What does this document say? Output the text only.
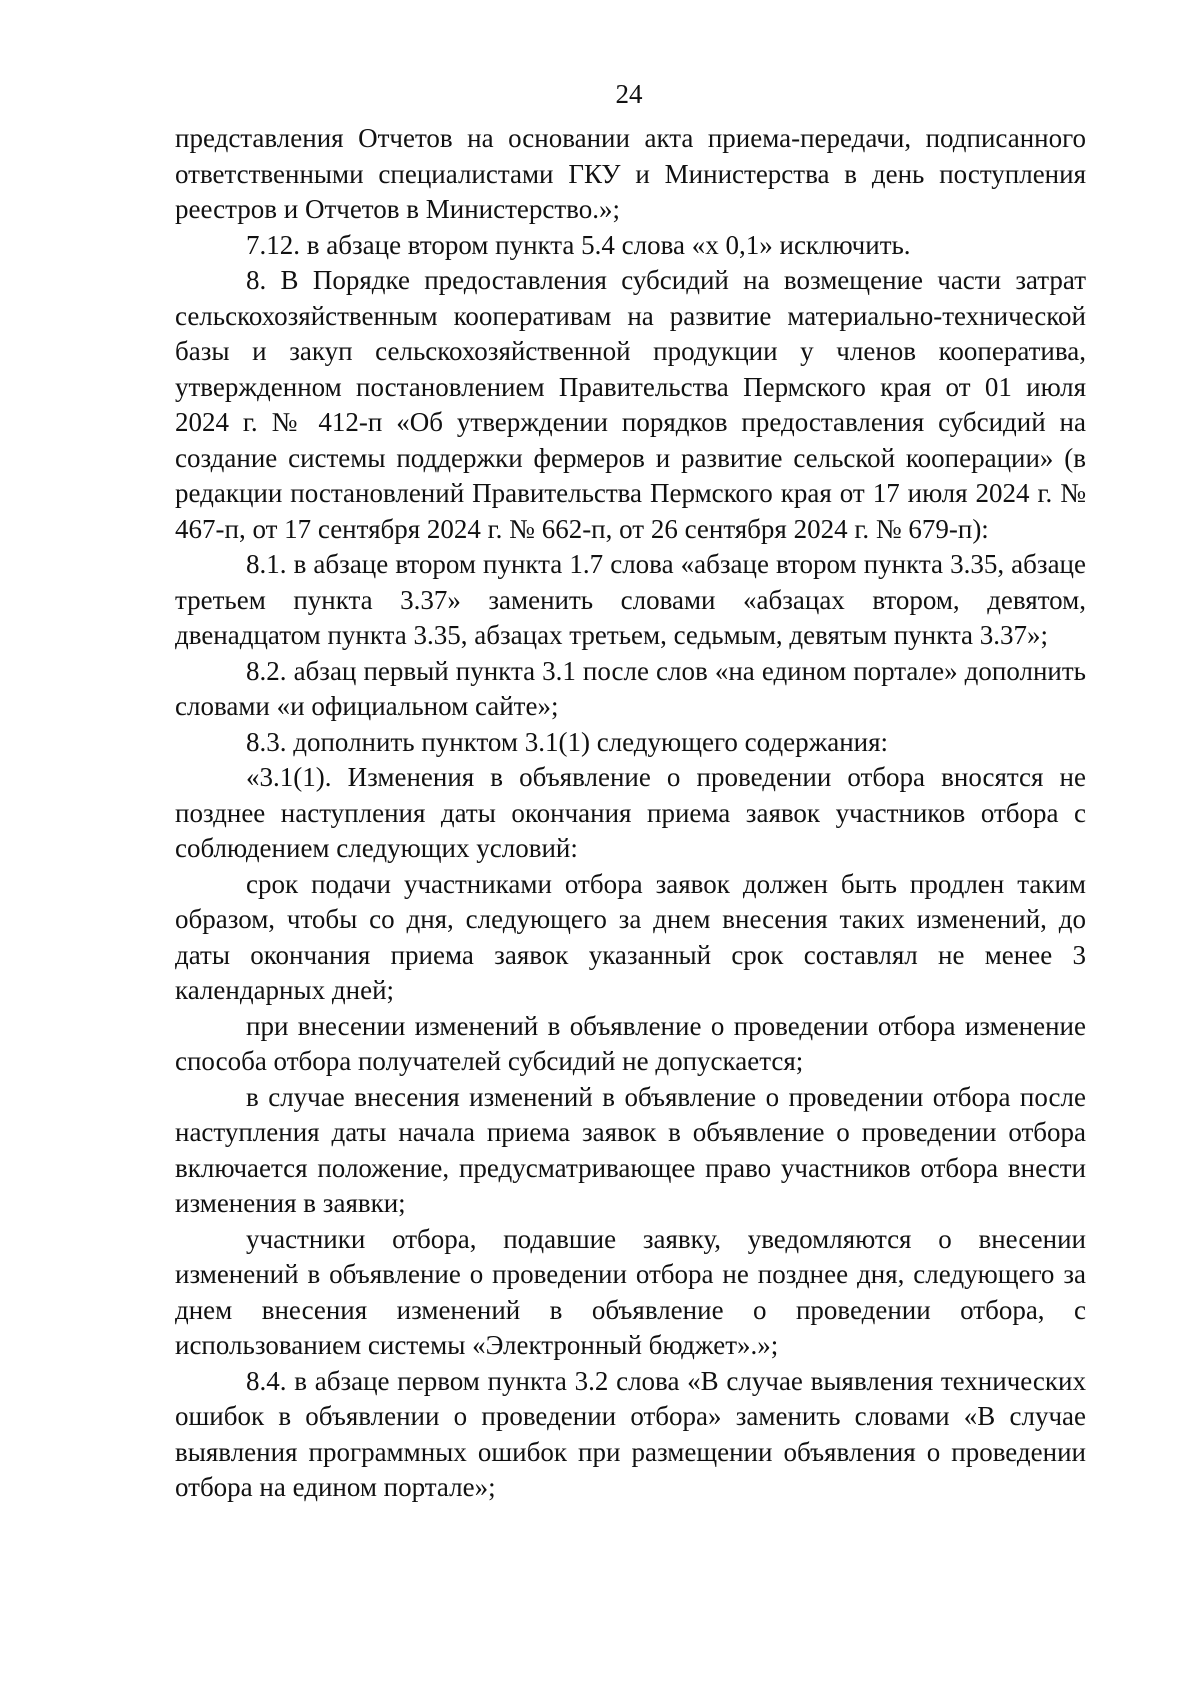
24

представления Отчетов на основании акта приема-передачи, подписанного ответственными специалистами ГКУ и Министерства в день поступления реестров и Отчетов в Министерство.»;

7.12. в абзаце втором пункта 5.4 слова «х 0,1» исключить.

8. В Порядке предоставления субсидий на возмещение части затрат сельскохозяйственным кооперативам на развитие материально-технической базы и закуп сельскохозяйственной продукции у членов кооператива, утвержденном постановлением Правительства Пермского края от 01 июля 2024 г. № 412-п «Об утверждении порядков предоставления субсидий на создание системы поддержки фермеров и развитие сельской кооперации» (в редакции постановлений Правительства Пермского края от 17 июля 2024 г. № 467-п, от 17 сентября 2024 г. № 662-п, от 26 сентября 2024 г. № 679-п):

8.1. в абзаце втором пункта 1.7 слова «абзаце втором пункта 3.35, абзаце третьем пункта 3.37» заменить словами «абзацах втором, девятом, двенадцатом пункта 3.35, абзацах третьем, седьмым, девятым пункта 3.37»;

8.2. абзац первый пункта 3.1 после слов «на едином портале» дополнить словами «и официальном сайте»;

8.3. дополнить пунктом 3.1(1) следующего содержания:

«3.1(1). Изменения в объявление о проведении отбора вносятся не позднее наступления даты окончания приема заявок участников отбора с соблюдением следующих условий:

срок подачи участниками отбора заявок должен быть продлен таким образом, чтобы со дня, следующего за днем внесения таких изменений, до даты окончания приема заявок указанный срок составлял не менее 3 календарных дней;

при внесении изменений в объявление о проведении отбора изменение способа отбора получателей субсидий не допускается;

в случае внесения изменений в объявление о проведении отбора после наступления даты начала приема заявок в объявление о проведении отбора включается положение, предусматривающее право участников отбора внести изменения в заявки;

участники отбора, подавшие заявку, уведомляются о внесении изменений в объявление о проведении отбора не позднее дня, следующего за днем внесения изменений в объявление о проведении отбора, с использованием системы «Электронный бюджет».»;

8.4. в абзаце первом пункта 3.2 слова «В случае выявления технических ошибок в объявлении о проведении отбора» заменить словами «В случае выявления программных ошибок при размещении объявления о проведении отбора на едином портале»;
